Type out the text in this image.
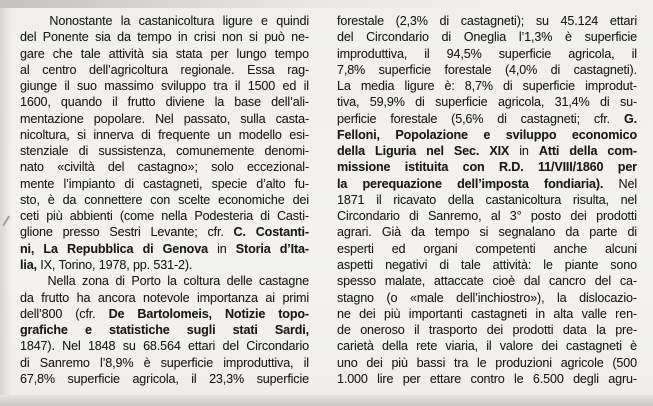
Nonostante la castanicoltura ligure e quindi
del Ponente sia da tempo in crisi non si può ne-
gare che tale attività sia stata per lungo tempo
al centro dell’agricoltura regionale. Essa rag-
giunge il suo massimo sviluppo tra il 1500 ed il
1600, quando il frutto diviene la base dell’ali-
mentazione popolare. Nel passato, sulla casta-
nicoltura, si innerva di frequente un modello esi-
stenziale di sussistenza, comunemente denomi-
nato «civiltà del castagno»; solo eccezional-
mente l’impianto di castagneti, specie d’alto fu-
sto, è da connettere con scelte economiche dei
ceti più abbienti (come nella Podesteria di Casti-
glione presso Sestri Levante; cfr. C. Costanti-
ni, La Repubblica di Genova in Storia d’Ita-
lia, IX, Torino, 1978, pp. 531-2).
Nella zona di Porto la coltura delle castagne
da frutto ha ancora notevole importanza ai primi
dell’800 (cfr. De Bartolomeis, Notizie topo-
grafiche e statistiche sugli stati Sardi,
1847). Nel 1848 su 68.564 ettari del Circondario
di Sanremo l’8,9% è superficie improduttiva, il
67,8% superficie agricola, il 23,3% superficie
forestale (2,3% di castagneti); su 45.124 ettari
del Circondario di Oneglia l’1,3% è superficie
improduttiva, il 94,5% superficie agricola, il
7,8% superficie forestale (4,0% di castagneti).
La media ligure è: 8,7% di superficie improdut-
tiva, 59,9% di superficie agricola, 31,4% di su-
perficie forestale (5,6% di castagneti; cfr. G.
Felloni, Popolazione e sviluppo economico
della Liguria nel Sec. XIX in Atti della com-
missione istituita con R.D. 11/VIII/1860 per
la perequazione dell’imposta fondiaria). Nel
1871 il ricavato della castanicoltura risulta, nel
Circondario di Sanremo, al 3° posto dei prodotti
agrari. Già da tempo si segnalano da parte di
esperti ed organi competenti anche alcuni
aspetti negativi di tale attività: le piante sono
spesso malate, attaccate cioè dal cancro del ca-
stagno (o «male dell’inchiostro»), la dislocazio-
ne dei più importanti castagneti in alta valle ren-
de oneroso il trasporto dei prodotti data la pre-
carietà della rete viaria, il valore dei castagneti è
uno dei più bassi tra le produzioni agricole (500
1.000 lire per ettare contro le 6.500 degli agru-
